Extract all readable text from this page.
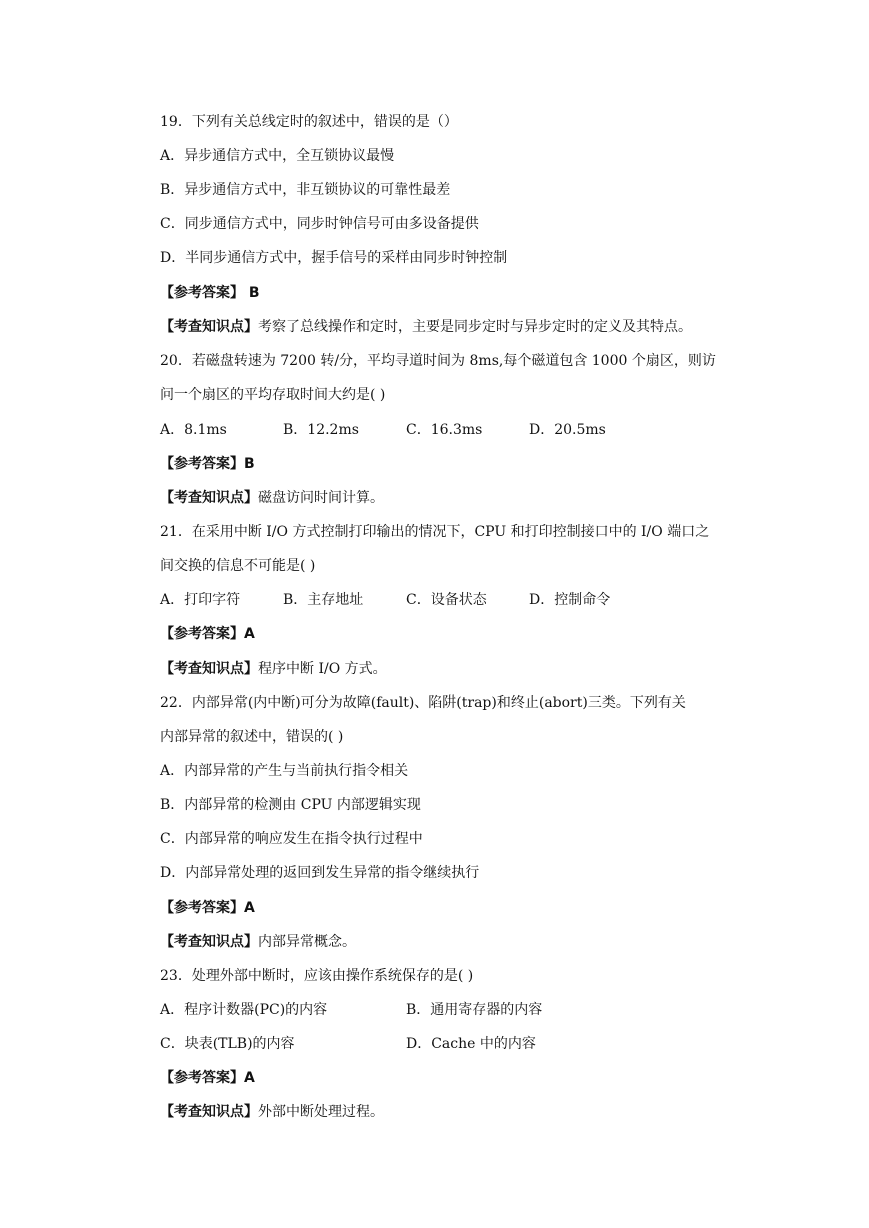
19．下列有关总线定时的叙述中，错误的是（）
A．异步通信方式中，全互锁协议最慢
B．异步通信方式中，非互锁协议的可靠性最差
C．同步通信方式中，同步时钟信号可由多设备提供
D．半同步通信方式中，握手信号的采样由同步时钟控制
【参考答案】 B
【考查知识点】考察了总线操作和定时，主要是同步定时与异步定时的定义及其特点。
20．若磁盘转速为 7200 转/分，平均寻道时间为 8ms,每个磁道包含 1000 个扇区，则访
问一个扇区的平均存取时间大约是( )
A．8.1ms	B．12.2ms	C．16.3ms	D．20.5ms
【参考答案】B
【考查知识点】磁盘访问时间计算。
21．在采用中断 I/O 方式控制打印输出的情况下，CPU 和打印控制接口中的 I/O 端口之
间交换的信息不可能是( )
A．打印字符	B．主存地址	C．设备状态	D．控制命令
【参考答案】A
【考查知识点】程序中断 I/O 方式。
22．内部异常(内中断)可分为故障(fault)、陷阱(trap)和终止(abort)三类。下列有关
内部异常的叙述中，错误的( )
A．内部异常的产生与当前执行指令相关
B．内部异常的检测由 CPU 内部逻辑实现
C．内部异常的响应发生在指令执行过程中
D．内部异常处理的返回到发生异常的指令继续执行
【参考答案】A
【考查知识点】内部异常概念。
23．处理外部中断时，应该由操作系统保存的是( )
A．程序计数器(PC)的内容	B．通用寄存器的内容
C．块表(TLB)的内容	D．Cache 中的内容
【参考答案】A
【考查知识点】外部中断处理过程。
